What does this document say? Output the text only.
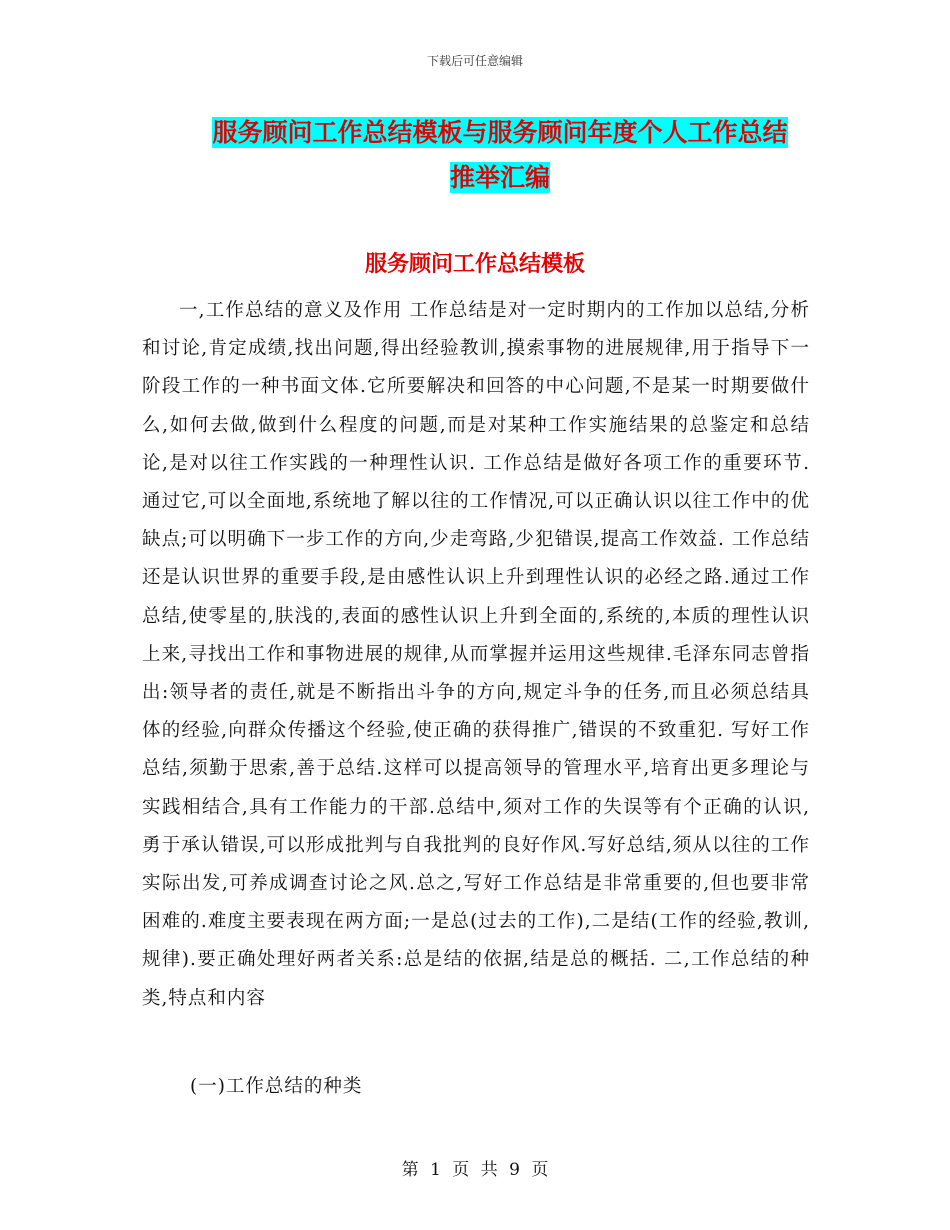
下载后可任意编辑
服务顾问工作总结模板与服务顾问年度个人工作总结
推举汇编
服务顾问工作总结模板

一,工作总结的意义及作用 工作总结是对一定时期内的工作加以总结,分析和讨论,肯定成绩,找出问题,得出经验教训,摸索事物的进展规律,用于指导下一阶段工作的一种书面文体.它所要解决和回答的中心问题,不是某一时期要做什么,如何去做,做到什么程度的问题,而是对某种工作实施结果的总鉴定和总结论,是对以往工作实践的一种理性认识. 工作总结是做好各项工作的重要环节.通过它,可以全面地,系统地了解以往的工作情况,可以正确认识以往工作中的优缺点;可以明确下一步工作的方向,少走弯路,少犯错误,提高工作效益. 工作总结还是认识世界的重要手段,是由感性认识上升到理性认识的必经之路.通过工作总结,使零星的,肤浅的,表面的感性认识上升到全面的,系统的,本质的理性认识上来,寻找出工作和事物进展的规律,从而掌握并运用这些规律.毛泽东同志曾指出:领导者的责任,就是不断指出斗争的方向,规定斗争的任务,而且必须总结具体的经验,向群众传播这个经验,使正确的获得推广,错误的不致重犯. 写好工作总结,须勤于思索,善于总结.这样可以提高领导的管理水平,培育出更多理论与实践相结合,具有工作能力的干部.总结中,须对工作的失误等有个正确的认识,勇于承认错误,可以形成批判与自我批判的良好作风.写好总结,须从以往的工作实际出发,可养成调查讨论之风.总之,写好工作总结是非常重要的,但也要非常困难的.难度主要表现在两方面;一是总(过去的工作),二是结(工作的经验,教训,规律).要正确处理好两者关系:总是结的依据,结是总的概括. 二,工作总结的种类,特点和内容

(一)工作总结的种类
第 1 页 共 9 页
